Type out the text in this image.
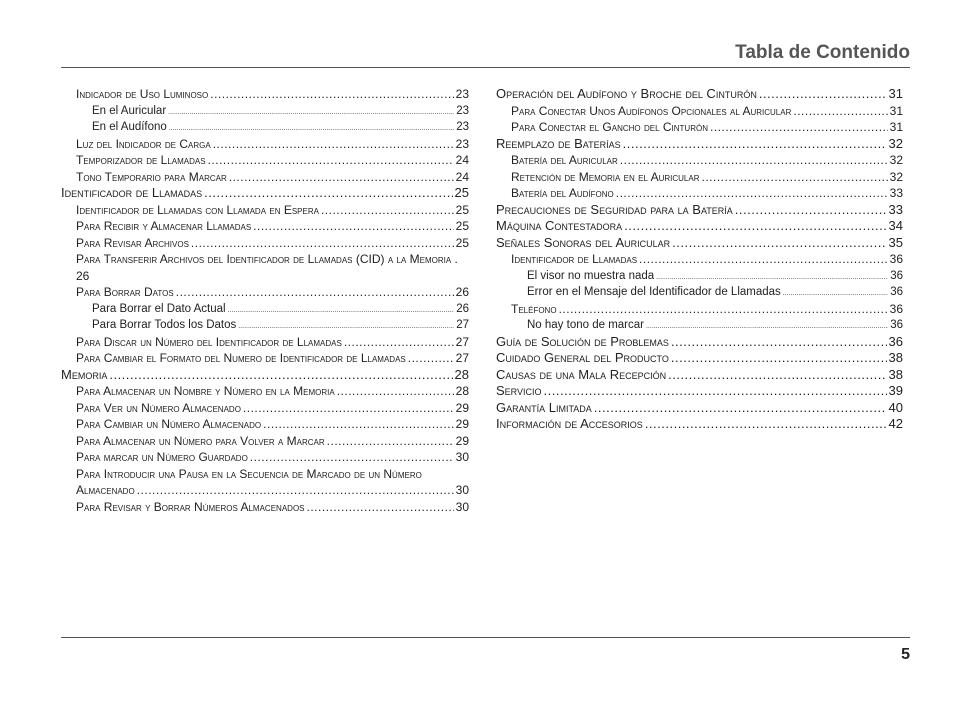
Tabla de Contenido
Indicador de Uso Luminoso .....	23
En el Auricular .....	23
En el Audífono .....	23
Luz del Indicador de Carga .....	23
Temporizador de Llamadas .....	24
Tono Temporario para Marcar .....	24
Identificador de Llamadas .....	25
Identificador de Llamadas con Llamada en Espera .....	25
Para Recibir y Almacenar Llamadas .....	25
Para Revisar Archivos .....	25
Para Transferir Archivos del Identificador de Llamadas (CID) a la Memoria .
26
Para Borrar Datos .....	26
Para Borrar el Dato Actual .....	26
Para Borrar Todos los Datos .....	27
Para Discar un Número del Identificador de Llamadas .....	27
Para Cambiar el Formato del Numero de Identificador de Llamadas .....	27
Memoria .....	28
Para Almacenar un Nombre y Número en la Memoria .....	28
Para Ver un Número Almacenado .....	29
Para Cambiar un Número Almacenado .....	29
Para Almacenar un Número para Volver a Marcar .....	29
Para marcar un Número Guardado .....	30
Para Introducir una Pausa en la Secuencia de Marcado de un Número
Almacenado .....	30
Para Revisar y Borrar Números Almacenados .....	30
Operación del Audífono y Broche del Cinturón .....	31
Para Conectar Unos Audífonos Opcionales al Auricular .....	31
Para Conectar el Gancho del Cinturón .....	31
Reemplazo de Baterías .....	32
Batería del Auricular .....	32
Retención de Memoria en el Auricular .....	32
Batería del Audífono .....	33
Precauciones de Seguridad para la Batería .....	33
Máquina Contestadora .....	34
Señales Sonoras del Auricular .....	35
Identificador de Llamadas .....	36
El visor no muestra nada .....	36
Error en el Mensaje del Identificador de Llamadas .....	36
Teléfono .....	36
No hay tono de marcar .....	36
Guía de Solución de Problemas .....	36
Cuidado General del Producto .....	38
Causas de una Mala Recepción .....	38
Servicio .....	39
Garantía Limitada .....	40
Información de Accesorios .....	42
5
